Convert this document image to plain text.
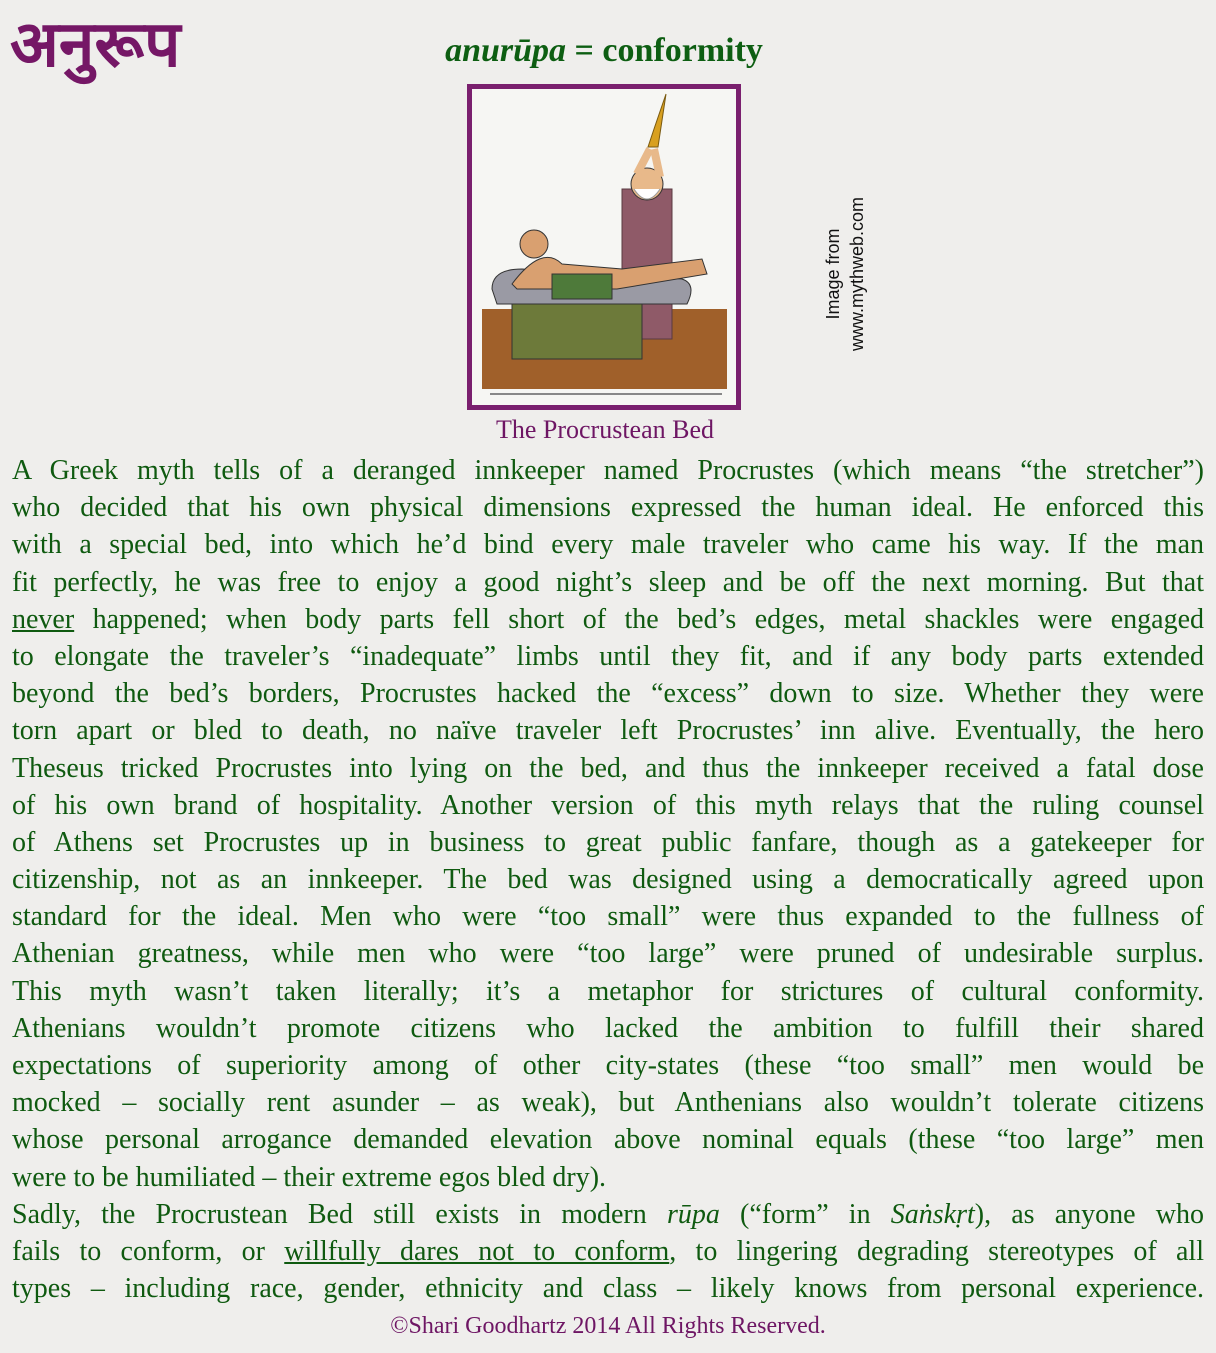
अनुरूप	anurūpa = conformity
Image from www.mythweb.com
The Procrustean Bed
A Greek myth tells of a deranged innkeeper named Procrustes (which means “the stretcher”)
who decided that his own physical dimensions expressed the human ideal. He enforced this
with a special bed, into which he’d bind every male traveler who came his way. If the man
fit perfectly, he was free to enjoy a good night’s sleep and be off the next morning. But that
never happened; when body parts fell short of the bed’s edges, metal shackles were engaged
to elongate the traveler’s “inadequate” limbs until they fit, and if any body parts extended
beyond the bed’s borders, Procrustes hacked the “excess” down to size. Whether they were
torn apart or bled to death, no naïve traveler left Procrustes’ inn alive. Eventually, the hero
Theseus tricked Procrustes into lying on the bed, and thus the innkeeper received a fatal dose
of his own brand of hospitality. Another version of this myth relays that the ruling counsel
of Athens set Procrustes up in business to great public fanfare, though as a gatekeeper for
citizenship, not as an innkeeper. The bed was designed using a democratically agreed upon
standard for the ideal. Men who were “too small” were thus expanded to the fullness of
Athenian greatness, while men who were “too large” were pruned of undesirable surplus.
This myth wasn’t taken literally; it’s a metaphor for strictures of cultural conformity.
Athenians wouldn’t promote citizens who lacked the ambition to fulfill their shared
expectations of superiority among of other city-states (these “too small” men would be
mocked – socially rent asunder – as weak), but Anthenians also wouldn’t tolerate citizens
whose personal arrogance demanded elevation above nominal equals (these “too large” men
were to be humiliated – their extreme egos bled dry).
Sadly, the Procrustean Bed still exists in modern rūpa (“form” in Saṅskṛt), as anyone who
fails to conform, or willfully dares not to conform, to lingering degrading stereotypes of all
types – including race, gender, ethnicity and class – likely knows from personal experience.
©Shari Goodhartz 2014 All Rights Reserved.
